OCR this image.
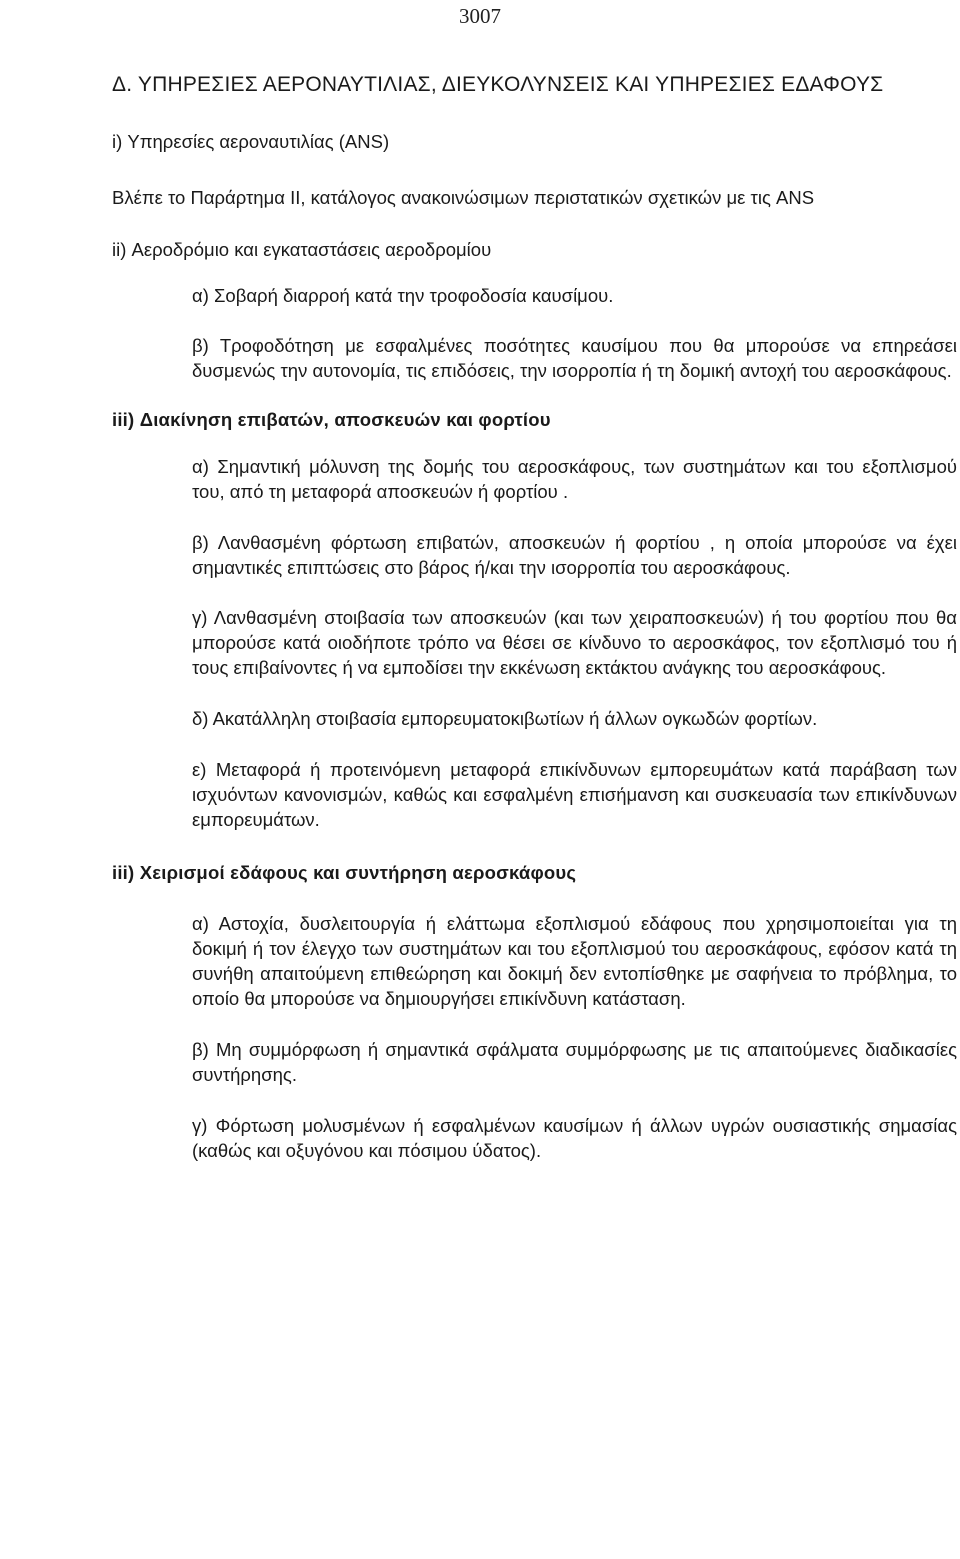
3007
Δ. ΥΠΗΡΕΣΙΕΣ ΑΕΡΟΝΑΥΤΙΛΙΑΣ, ΔΙΕΥΚΟΛΥΝΣΕΙΣ ΚΑΙ ΥΠΗΡΕΣΙΕΣ ΕΔΑΦΟΥΣ

i) Υπηρεσίες αεροναυτιλίας (ANS)

Βλέπε το Παράρτημα ΙΙ, κατάλογος ανακοινώσιμων περιστατικών σχετικών με τις ANS

ii) Αεροδρόμιο και εγκαταστάσεις αεροδρομίου

α) Σοβαρή διαρροή κατά την τροφοδοσία καυσίμου.

β) Τροφοδότηση με εσφαλμένες ποσότητες καυσίμου που θα μπορούσε να επηρεάσει δυσμενώς την αυτονομία, τις επιδόσεις, την ισορροπία ή τη δομική αντοχή του αεροσκάφους.

iii) Διακίνηση επιβατών, αποσκευών και φορτίου

α) Σημαντική μόλυνση της δομής του αεροσκάφους, των συστημάτων και του εξοπλισμού του, από τη μεταφορά αποσκευών ή φορτίου .

β) Λανθασμένη φόρτωση επιβατών, αποσκευών ή φορτίου , η οποία μπορούσε να έχει σημαντικές επιπτώσεις στο βάρος ή/και την ισορροπία του αεροσκάφους.

γ) Λανθασμένη στοιβασία των αποσκευών (και των χειραποσκευών) ή του φορτίου που θα μπορούσε κατά οιοδήποτε τρόπο να θέσει σε κίνδυνο το αεροσκάφος, τον εξοπλισμό του ή τους επιβαίνοντες ή να εμποδίσει την εκκένωση εκτάκτου ανάγκης του αεροσκάφους.

δ) Ακατάλληλη στοιβασία εμπορευματοκιβωτίων ή άλλων ογκωδών φορτίων.

ε) Μεταφορά ή προτεινόμενη μεταφορά επικίνδυνων εμπορευμάτων κατά παράβαση των ισχυόντων κανονισμών, καθώς και εσφαλμένη επισήμανση και συσκευασία των επικίνδυνων εμπορευμάτων.

iii) Χειρισμοί εδάφους και συντήρηση αεροσκάφους

α) Αστοχία, δυσλειτουργία ή ελάττωμα εξοπλισμού εδάφους που χρησιμοποιείται για τη δοκιμή ή τον έλεγχο των συστημάτων και του εξοπλισμού του αεροσκάφους, εφόσον κατά τη συνήθη απαιτούμενη επιθεώρηση και δοκιμή δεν εντοπίσθηκε με σαφήνεια το πρόβλημα, το οποίο θα μπορούσε να δημιουργήσει επικίνδυνη κατάσταση.

β) Μη συμμόρφωση ή σημαντικά σφάλματα συμμόρφωσης με τις απαιτούμενες διαδικασίες συντήρησης.

γ) Φόρτωση μολυσμένων ή εσφαλμένων καυσίμων ή άλλων υγρών ουσιαστικής σημασίας (καθώς και οξυγόνου και πόσιμου ύδατος).
